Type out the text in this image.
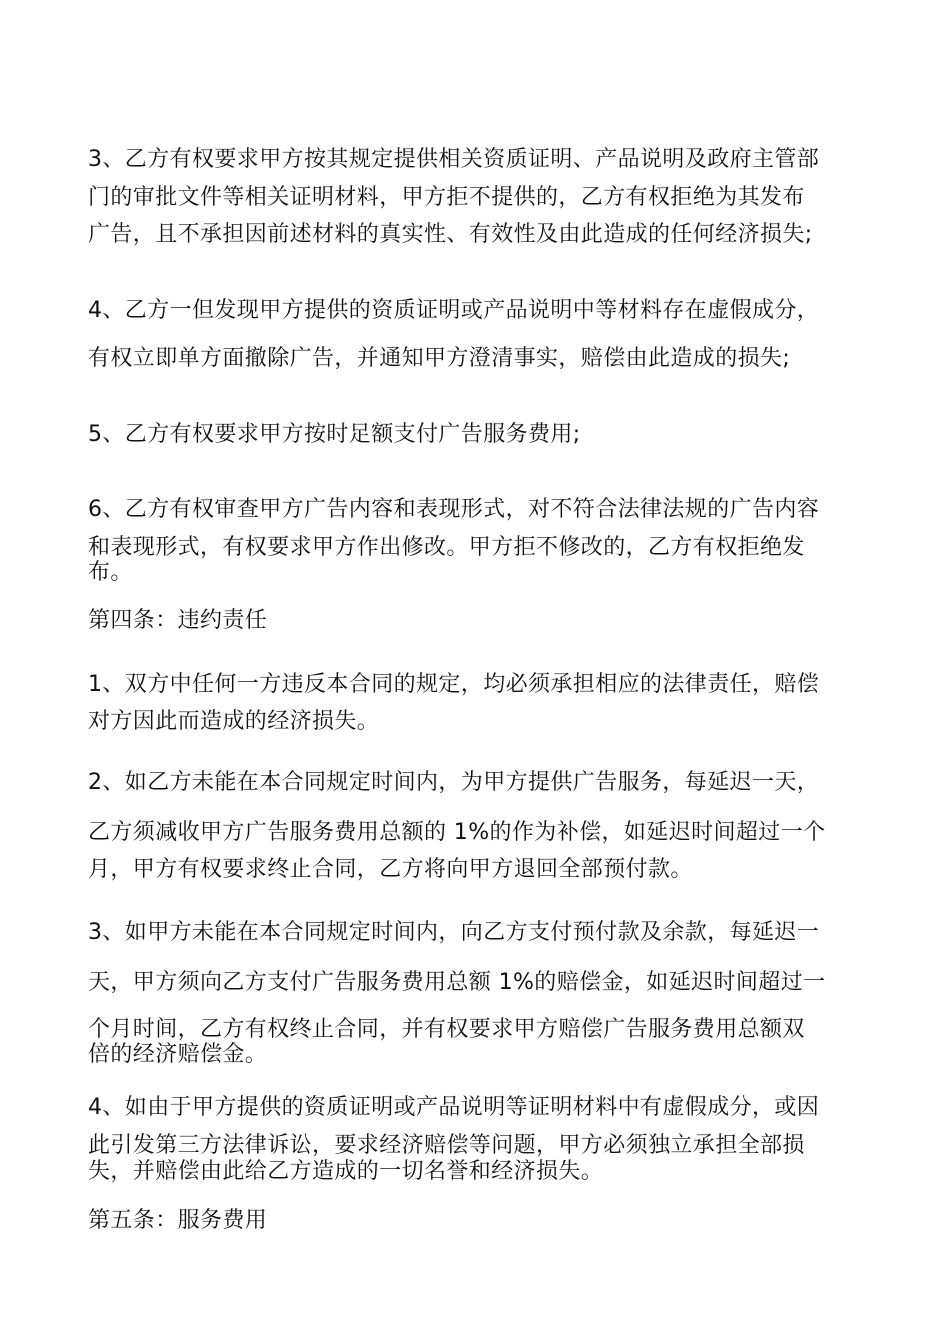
3、乙方有权要求甲方按其规定提供相关资质证明、产品说明及政府主管部
门的审批文件等相关证明材料，甲方拒不提供的，乙方有权拒绝为其发布
广告，且不承担因前述材料的真实性、有效性及由此造成的任何经济损失;
4、乙方一但发现甲方提供的资质证明或产品说明中等材料存在虚假成分，
有权立即单方面撤除广告，并通知甲方澄清事实，赔偿由此造成的损失;
5、乙方有权要求甲方按时足额支付广告服务费用;
6、乙方有权审查甲方广告内容和表现形式，对不符合法律法规的广告内容
和表现形式，有权要求甲方作出修改。甲方拒不修改的，乙方有权拒绝发
布。
第四条：违约责任
1、双方中任何一方违反本合同的规定，均必须承担相应的法律责任，赔偿
对方因此而造成的经济损失。
2、如乙方未能在本合同规定时间内，为甲方提供广告服务，每延迟一天，
乙方须减收甲方广告服务费用总额的 1%的作为补偿，如延迟时间超过一个
月，甲方有权要求终止合同，乙方将向甲方退回全部预付款。
3、如甲方未能在本合同规定时间内，向乙方支付预付款及余款，每延迟一
天，甲方须向乙方支付广告服务费用总额 1%的赔偿金，如延迟时间超过一
个月时间，乙方有权终止合同，并有权要求甲方赔偿广告服务费用总额双
倍的经济赔偿金。
4、如由于甲方提供的资质证明或产品说明等证明材料中有虚假成分，或因
此引发第三方法律诉讼，要求经济赔偿等问题，甲方必须独立承担全部损
失，并赔偿由此给乙方造成的一切名誉和经济损失。
第五条：服务费用
